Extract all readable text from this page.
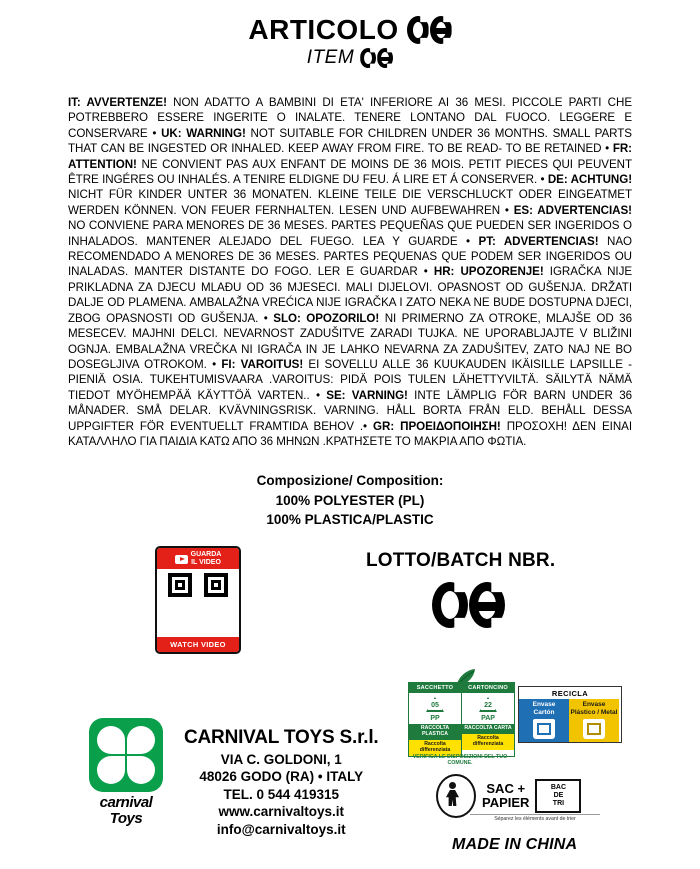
ARTICOLO
ITEM
IT: AVVERTENZE! NON ADATTO A BAMBINI DI ETA' INFERIORE AI 36 MESI. PICCOLE PARTI CHE POTREBBERO ESSERE INGERITE O INALATE. TENERE LONTANO DAL FUOCO. LEGGERE E CONSERVARE • UK: WARNING! NOT SUITABLE FOR CHILDREN UNDER 36 MONTHS. SMALL PARTS THAT CAN BE INGESTED OR INHALED. KEEP AWAY FROM FIRE. TO BE READ- TO BE RETAINED • FR: ATTENTION! NE CONVIENT PAS AUX ENFANT DE MOINS DE 36 MOIS. PETIT PIECES QUI PEUVENT ÊTRE INGÉRES OU INHALÉS. A TENIRE ELDIGNE DU FEU. Á LIRE ET Á CONSERVER. • DE: ACHTUNG! NICHT FÜR KINDER UNTER 36 MONATEN. KLEINE TEILE DIE VERSCHLUCKT ODER EINGEATMET WERDEN KÖNNEN. VON FEUER FERNHALTEN. LESEN UND AUFBEWAHREN • ES: ADVERTENCIAS! NO CONVIENE PARA MENORES DE 36 MESES. PARTES PEQUEÑAS QUE PUEDEN SER INGERIDOS O INHALADOS. MANTENER ALEJADO DEL FUEGO. LEA Y GUARDE • PT: ADVERTENCIAS! NAO RECOMENDADO A MENORES DE 36 MESES. PARTES PEQUENAS QUE PODEM SER INGERIDOS OU INALADAS. MANTER DISTANTE DO FOGO. LER E GUARDAR • HR: UPOZORENJE! IGRAČKA NIJE PRIKLADNA ZA DJECU MLAĐU OD 36 MJESECI. MALI DIJELOVI. OPASNOST OD GUŠENJA. DRŽATI DALJE OD PLAMENA. AMBALAŽNA VREĆICA NIJE IGRAČKA I ZATO NEKA NE BUDE DOSTUPNA DJECI, ZBOG OPASNOSTI OD GUŠENJA. • SLO: OPOZORILO! NI PRIMERNO ZA OTROKE, MLAJŠE OD 36 MESECEV. MAJHNI DELCI. NEVARNOST ZADUŠITVE ZARADI TUJKA. NE UPORABLJAJTE V BLIŽINI OGNJA. EMBALAŽNA VREČKA NI IGRAČA IN JE LAHKO NEVARNA ZA ZADUŠITEV, ZATO NAJ NE BO DOSEGLJIVA OTROKOM. • FI: VAROITUS! EI SOVELLU ALLE 36 KUUKAUDEN IKÄISILLE LAPSILLE - PIENIÄ OSIA. TUKEHTUMISVAARA .VAROITUS: PIDÄ POIS TULEN LÄHETTYVILTÄ. SÄILYTÄ NÄMÄ TIEDOT MYÖHEMPÄÄ KÄYTTÖÄ VARTEN.. • SE: VARNING! INTE LÄMPLIG FÖR BARN UNDER 36 MÅNADER. SMÅ DELAR. KVÄVNINGSRISK. VARNING. HÅLL BORTA FRÅN ELD. BEHÅLL DESSA UPPGIFTER FÖR EVENTUELLT FRAMTIDA BEHOV .• GR: ΠΡΟΕΙΔΟΠΟΙΗΣΗ! ΠΡΟΣΟΧΗ! ΔΕΝ ΕΙΝΑΙ ΚΑΤΑΛΛΗΛΟ ΓΙΑ ΠΑΙΔΙΑ ΚΑΤΩ ΑΠΟ 36 ΜΗΝΩΝ .ΚΡΑΤΗΣΕΤΕ ΤΟ ΜΑΚΡΙΑ ΑΠΟ ΦΩΤΙΑ.
Composizione/ Composition:
100% POLYESTER (PL)
100% PLASTICA/PLASTIC
GUARDA
IL VIDEO
WATCH VIDEO
LOTTO/BATCH NBR.
SACCHETTO
05
PP
RACCOLTA PLASTICA
Raccolta differenziata
CARTONCINO
22
PAP
RACCOLTA CARTA
Raccolta differenziata
VERIFICA LE DISPOSIZIONI DEL TUO COMUNE.
RECICLA
Envase
Cartón
Envase
Plástico / Metal
SAC +
PAPIER
BAC
DE
TRI
Séparez les éléments avant de trier
carnival
Toys
CARNIVAL TOYS S.r.l.
VIA C. GOLDONI, 1
48026 GODO (RA) • ITALY
TEL. 0 544 419315
www.carnivaltoys.it
info@carnivaltoys.it
MADE IN CHINA
